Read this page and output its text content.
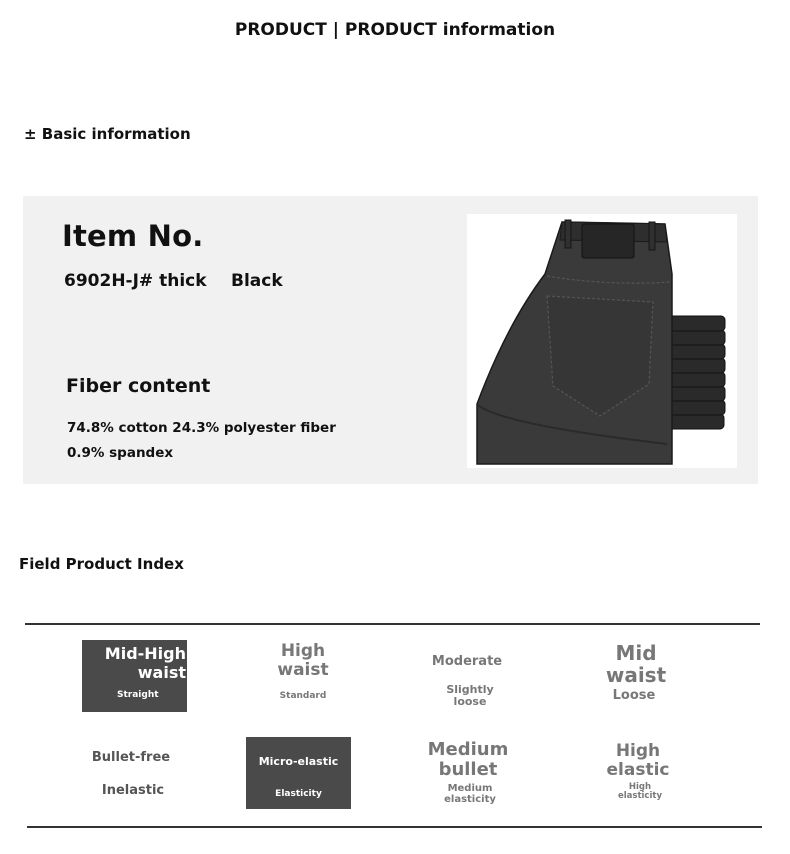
PRODUCT | PRODUCT information
± Basic information
Item No.
6902H-J# thick Black
Fiber content
74.8% cotton 24.3% polyester fiber
0.9% spandex
Field Product Index
Mid-High
waist
Straight
High
waist
Standard
Moderate
Slightly
loose
Mid
waist
Loose
Bullet-free
Inelastic
Micro-elastic
Elasticity
Medium
bullet
Medium
elasticity
High
elastic
High
elasticity
